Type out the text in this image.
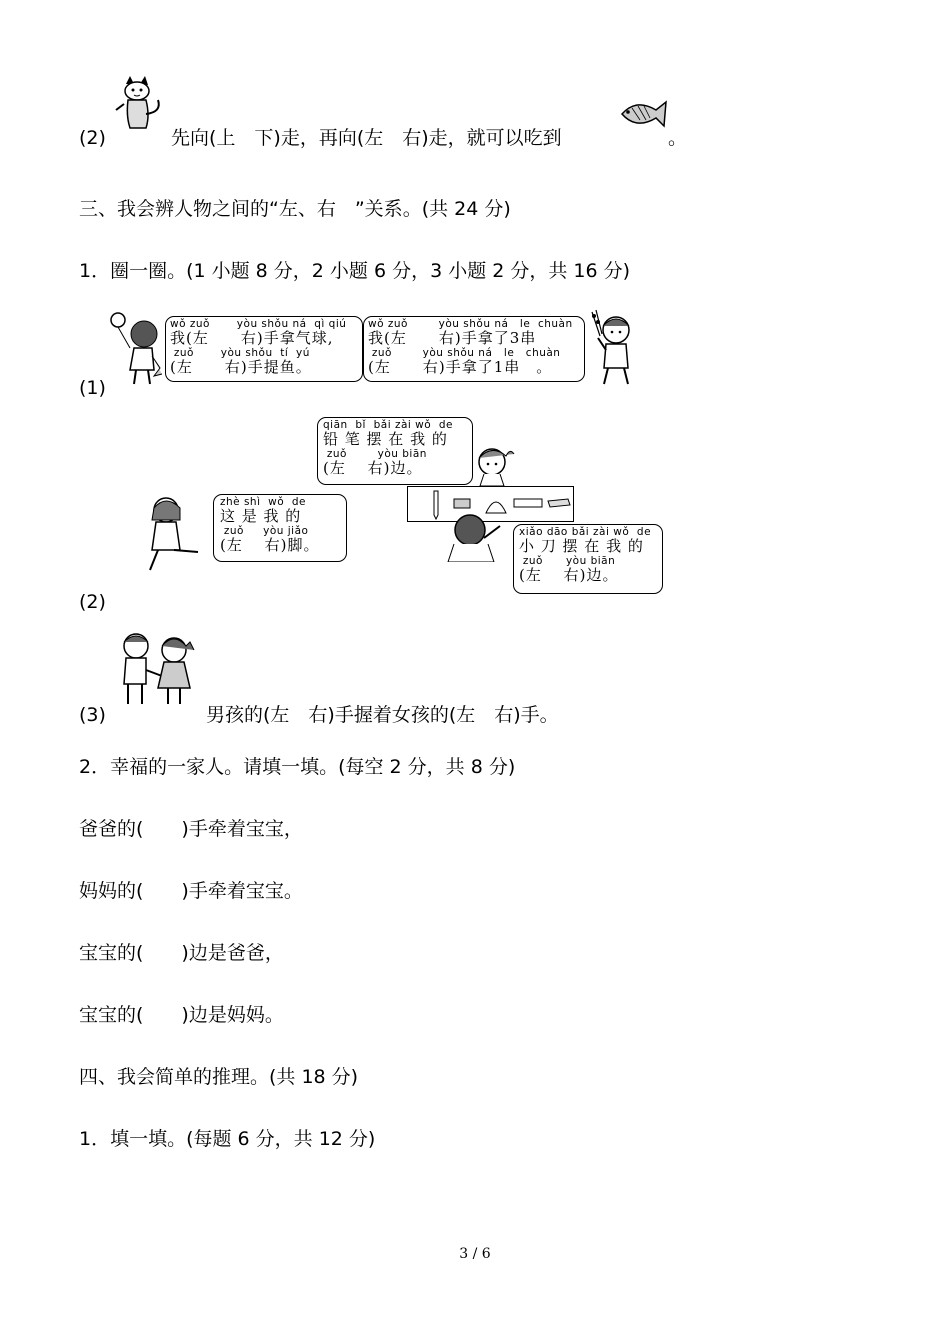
(2)	先向(上　下)走，再向(左　右)走，就可以吃到	。
三、我会辨人物之间的“左、右　”关系。(共 24 分)
1．圈一圈。(1 小题 8 分，2 小题 6 分，3 小题 2 分，共 16 分)
wǒ zuǒ       yòu shǒu ná  qì qiú
我(左　　右)手拿气球,
zuǒ       yòu shǒu  tí  yú
(左　　右)手提鱼。
wǒ zuǒ        yòu shǒu ná   le  chuàn
我(左　　右)手拿了3串
zuǒ        yòu shǒu ná   le   chuàn
(左　　右)手拿了1串　。
(1)
qiān  bǐ  bǎi zài wǒ  de
铅 笔 摆 在 我 的
zuǒ        yòu biān
(左　 右)边。
zhè shì  wǒ  de
这 是 我 的
zuǒ     yòu jiǎo
(左　 右)脚。
xiǎo dāo bǎi zài wǒ  de
小 刀 摆 在 我 的
zuǒ      yòu biān
(左　 右)边。
(2)
(3)	男孩的(左　右)手握着女孩的(左　右)手。
2．幸福的一家人。请填一填。(每空 2 分，共 8 分)
爸爸的(　　)手牵着宝宝，
妈妈的(　　)手牵着宝宝。
宝宝的(　　)边是爸爸，
宝宝的(　　)边是妈妈。
四、我会简单的推理。(共 18 分)
1．填一填。(每题 6 分，共 12 分)
3 / 6
